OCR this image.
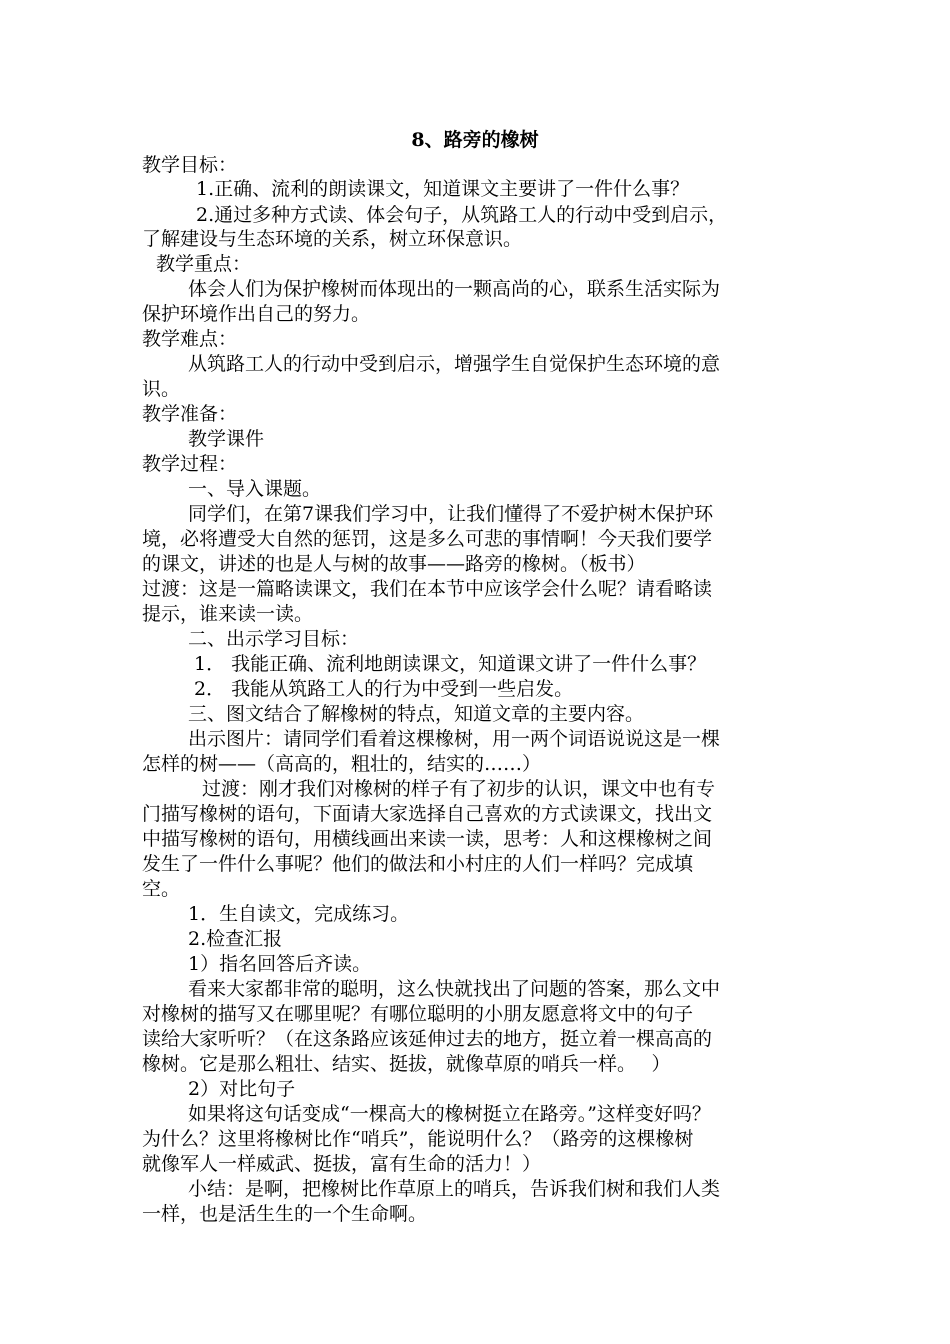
8、路旁的橡树
教学目标：
1.正确、流利的朗读课文，知道课文主要讲了一件什么事？
2.通过多种方式读、体会句子，从筑路工人的行动中受到启示，
了解建设与生态环境的关系，树立环保意识。
教学重点：
体会人们为保护橡树而体现出的一颗高尚的心，联系生活实际为
保护环境作出自己的努力。
教学难点：
从筑路工人的行动中受到启示，增强学生自觉保护生态环境的意
识。
教学准备：
教学课件
教学过程：
一、导入课题。
同学们，在第7课我们学习中，让我们懂得了不爱护树木保护环
境，必将遭受大自然的惩罚，这是多么可悲的事情啊！今天我们要学
的课文，讲述的也是人与树的故事——路旁的橡树。（板书）
过渡：这是一篇略读课文，我们在本节中应该学会什么呢？请看略读
提示，谁来读一读。
二、出示学习目标：
1． 我能正确、流利地朗读课文，知道课文讲了一件什么事？
2． 我能从筑路工人的行为中受到一些启发。
三、图文结合了解橡树的特点，知道文章的主要内容。
出示图片：请同学们看着这棵橡树，用一两个词语说说这是一棵
怎样的树——（高高的，粗壮的，结实的……）
过渡：刚才我们对橡树的样子有了初步的认识，课文中也有专
门描写橡树的语句，下面请大家选择自己喜欢的方式读课文，找出文
中描写橡树的语句，用横线画出来读一读，思考：人和这棵橡树之间
发生了一件什么事呢？他们的做法和小村庄的人们一样吗？完成填
空。
1．生自读文，完成练习。
2.检查汇报
1）指名回答后齐读。
看来大家都非常的聪明，这么快就找出了问题的答案，那么文中
对橡树的描写又在哪里呢？有哪位聪明的小朋友愿意将文中的句子
读给大家听听？（在这条路应该延伸过去的地方，挺立着一棵高高的
橡树。它是那么粗壮、结实、挺拔，就像草原的哨兵一样。　 ）
2）对比句子
如果将这句话变成“一棵高大的橡树挺立在路旁。”这样变好吗？
为什么？这里将橡树比作“哨兵”，能说明什么？（路旁的这棵橡树
就像军人一样威武、挺拔，富有生命的活力！）
小结：是啊，把橡树比作草原上的哨兵，告诉我们树和我们人类
一样，也是活生生的一个生命啊。
